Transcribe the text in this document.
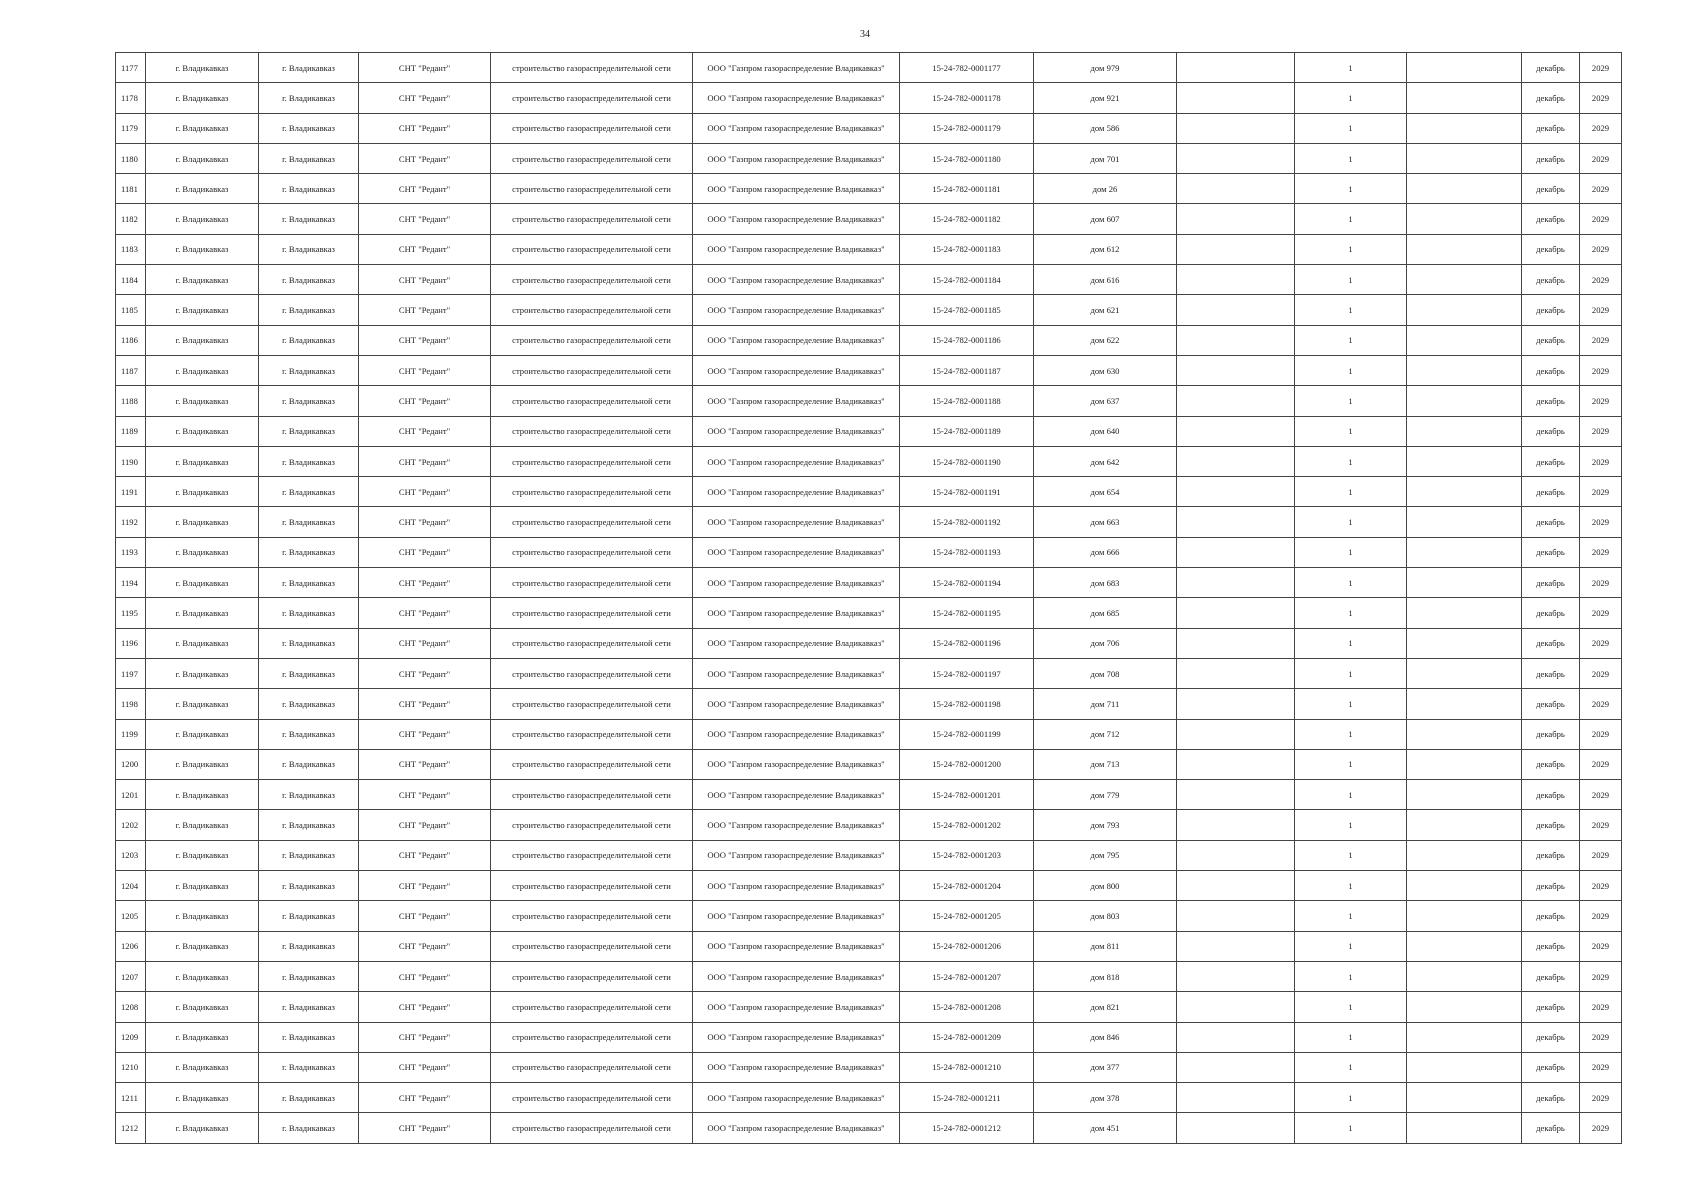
34
1177	г. Владикавказ	г. Владикавказ	СНТ "Редант"	строительство газораспределительной сети	ООО "Газпром газораспределение Владикавказ"	15-24-782-0001177	дом 979		1		декабрь	2029
1178	г. Владикавказ	г. Владикавказ	СНТ "Редант"	строительство газораспределительной сети	ООО "Газпром газораспределение Владикавказ"	15-24-782-0001178	дом 921		1		декабрь	2029
1179	г. Владикавказ	г. Владикавказ	СНТ "Редант"	строительство газораспределительной сети	ООО "Газпром газораспределение Владикавказ"	15-24-782-0001179	дом 586		1		декабрь	2029
1180	г. Владикавказ	г. Владикавказ	СНТ "Редант"	строительство газораспределительной сети	ООО "Газпром газораспределение Владикавказ"	15-24-782-0001180	дом 701		1		декабрь	2029
1181	г. Владикавказ	г. Владикавказ	СНТ "Редант"	строительство газораспределительной сети	ООО "Газпром газораспределение Владикавказ"	15-24-782-0001181	дом 26		1		декабрь	2029
1182	г. Владикавказ	г. Владикавказ	СНТ "Редант"	строительство газораспределительной сети	ООО "Газпром газораспределение Владикавказ"	15-24-782-0001182	дом 607		1		декабрь	2029
1183	г. Владикавказ	г. Владикавказ	СНТ "Редант"	строительство газораспределительной сети	ООО "Газпром газораспределение Владикавказ"	15-24-782-0001183	дом 612		1		декабрь	2029
1184	г. Владикавказ	г. Владикавказ	СНТ "Редант"	строительство газораспределительной сети	ООО "Газпром газораспределение Владикавказ"	15-24-782-0001184	дом 616		1		декабрь	2029
1185	г. Владикавказ	г. Владикавказ	СНТ "Редант"	строительство газораспределительной сети	ООО "Газпром газораспределение Владикавказ"	15-24-782-0001185	дом 621		1		декабрь	2029
1186	г. Владикавказ	г. Владикавказ	СНТ "Редант"	строительство газораспределительной сети	ООО "Газпром газораспределение Владикавказ"	15-24-782-0001186	дом 622		1		декабрь	2029
1187	г. Владикавказ	г. Владикавказ	СНТ "Редант"	строительство газораспределительной сети	ООО "Газпром газораспределение Владикавказ"	15-24-782-0001187	дом 630		1		декабрь	2029
1188	г. Владикавказ	г. Владикавказ	СНТ "Редант"	строительство газораспределительной сети	ООО "Газпром газораспределение Владикавказ"	15-24-782-0001188	дом 637		1		декабрь	2029
1189	г. Владикавказ	г. Владикавказ	СНТ "Редант"	строительство газораспределительной сети	ООО "Газпром газораспределение Владикавказ"	15-24-782-0001189	дом 640		1		декабрь	2029
1190	г. Владикавказ	г. Владикавказ	СНТ "Редант"	строительство газораспределительной сети	ООО "Газпром газораспределение Владикавказ"	15-24-782-0001190	дом 642		1		декабрь	2029
1191	г. Владикавказ	г. Владикавказ	СНТ "Редант"	строительство газораспределительной сети	ООО "Газпром газораспределение Владикавказ"	15-24-782-0001191	дом 654		1		декабрь	2029
1192	г. Владикавказ	г. Владикавказ	СНТ "Редант"	строительство газораспределительной сети	ООО "Газпром газораспределение Владикавказ"	15-24-782-0001192	дом 663		1		декабрь	2029
1193	г. Владикавказ	г. Владикавказ	СНТ "Редант"	строительство газораспределительной сети	ООО "Газпром газораспределение Владикавказ"	15-24-782-0001193	дом 666		1		декабрь	2029
1194	г. Владикавказ	г. Владикавказ	СНТ "Редант"	строительство газораспределительной сети	ООО "Газпром газораспределение Владикавказ"	15-24-782-0001194	дом 683		1		декабрь	2029
1195	г. Владикавказ	г. Владикавказ	СНТ "Редант"	строительство газораспределительной сети	ООО "Газпром газораспределение Владикавказ"	15-24-782-0001195	дом 685		1		декабрь	2029
1196	г. Владикавказ	г. Владикавказ	СНТ "Редант"	строительство газораспределительной сети	ООО "Газпром газораспределение Владикавказ"	15-24-782-0001196	дом 706		1		декабрь	2029
1197	г. Владикавказ	г. Владикавказ	СНТ "Редант"	строительство газораспределительной сети	ООО "Газпром газораспределение Владикавказ"	15-24-782-0001197	дом 708		1		декабрь	2029
1198	г. Владикавказ	г. Владикавказ	СНТ "Редант"	строительство газораспределительной сети	ООО "Газпром газораспределение Владикавказ"	15-24-782-0001198	дом 711		1		декабрь	2029
1199	г. Владикавказ	г. Владикавказ	СНТ "Редант"	строительство газораспределительной сети	ООО "Газпром газораспределение Владикавказ"	15-24-782-0001199	дом 712		1		декабрь	2029
1200	г. Владикавказ	г. Владикавказ	СНТ "Редант"	строительство газораспределительной сети	ООО "Газпром газораспределение Владикавказ"	15-24-782-0001200	дом 713		1		декабрь	2029
1201	г. Владикавказ	г. Владикавказ	СНТ "Редант"	строительство газораспределительной сети	ООО "Газпром газораспределение Владикавказ"	15-24-782-0001201	дом 779		1		декабрь	2029
1202	г. Владикавказ	г. Владикавказ	СНТ "Редант"	строительство газораспределительной сети	ООО "Газпром газораспределение Владикавказ"	15-24-782-0001202	дом 793		1		декабрь	2029
1203	г. Владикавказ	г. Владикавказ	СНТ "Редант"	строительство газораспределительной сети	ООО "Газпром газораспределение Владикавказ"	15-24-782-0001203	дом 795		1		декабрь	2029
1204	г. Владикавказ	г. Владикавказ	СНТ "Редант"	строительство газораспределительной сети	ООО "Газпром газораспределение Владикавказ"	15-24-782-0001204	дом 800		1		декабрь	2029
1205	г. Владикавказ	г. Владикавказ	СНТ "Редант"	строительство газораспределительной сети	ООО "Газпром газораспределение Владикавказ"	15-24-782-0001205	дом 803		1		декабрь	2029
1206	г. Владикавказ	г. Владикавказ	СНТ "Редант"	строительство газораспределительной сети	ООО "Газпром газораспределение Владикавказ"	15-24-782-0001206	дом 811		1		декабрь	2029
1207	г. Владикавказ	г. Владикавказ	СНТ "Редант"	строительство газораспределительной сети	ООО "Газпром газораспределение Владикавказ"	15-24-782-0001207	дом 818		1		декабрь	2029
1208	г. Владикавказ	г. Владикавказ	СНТ "Редант"	строительство газораспределительной сети	ООО "Газпром газораспределение Владикавказ"	15-24-782-0001208	дом 821		1		декабрь	2029
1209	г. Владикавказ	г. Владикавказ	СНТ "Редант"	строительство газораспределительной сети	ООО "Газпром газораспределение Владикавказ"	15-24-782-0001209	дом 846		1		декабрь	2029
1210	г. Владикавказ	г. Владикавказ	СНТ "Редант"	строительство газораспределительной сети	ООО "Газпром газораспределение Владикавказ"	15-24-782-0001210	дом 377		1		декабрь	2029
1211	г. Владикавказ	г. Владикавказ	СНТ "Редант"	строительство газораспределительной сети	ООО "Газпром газораспределение Владикавказ"	15-24-782-0001211	дом 378		1		декабрь	2029
1212	г. Владикавказ	г. Владикавказ	СНТ "Редант"	строительство газораспределительной сети	ООО "Газпром газораспределение Владикавказ"	15-24-782-0001212	дом 451		1		декабрь	2029
